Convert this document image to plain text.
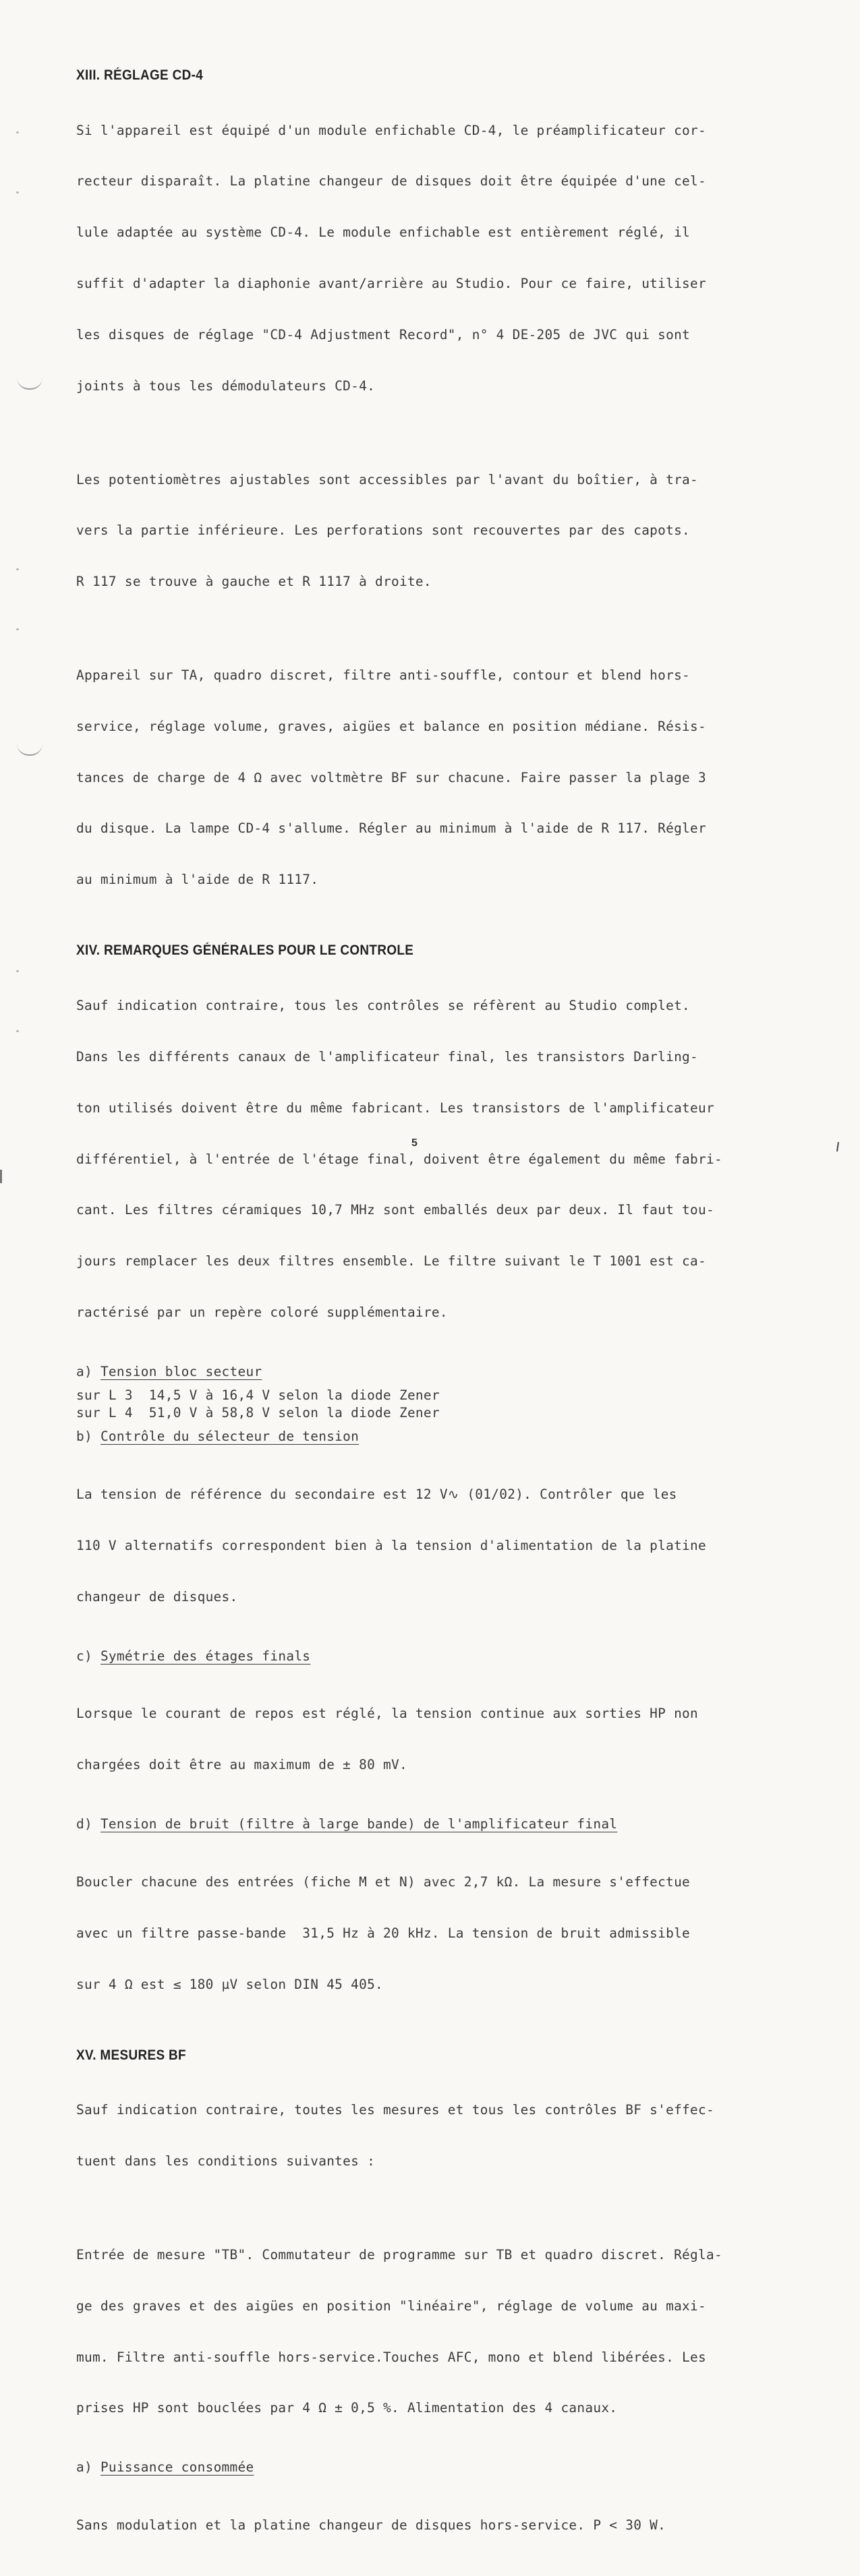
XIII. RÉGLAGE CD-4

Si l'appareil est équipé d'un module enfichable CD-4, le préamplificateur cor-

recteur disparaît. La platine changeur de disques doit être équipée d'une cel-

lule adaptée au système CD-4. Le module enfichable est entièrement réglé, il

suffit d'adapter la diaphonie avant/arrière au Studio. Pour ce faire, utiliser

les disques de réglage "CD-4 Adjustment Record", n° 4 DE-205 de JVC qui sont

joints à tous les démodulateurs CD-4.

Les potentiomètres ajustables sont accessibles par l'avant du boîtier, à tra-

vers la partie inférieure. Les perforations sont recouvertes par des capots.

R 117 se trouve à gauche et R 1117 à droite.

Appareil sur TA, quadro discret, filtre anti-souffle, contour et blend hors-

service, réglage volume, graves, aigües et balance en position médiane. Résis-

tances de charge de 4 Ω avec voltmètre BF sur chacune. Faire passer la plage 3

du disque. La lampe CD-4 s'allume. Régler au minimum à l'aide de R 117. Régler

au minimum à l'aide de R 1117.

XIV. REMARQUES GÉNÉRALES POUR LE CONTROLE

Sauf indication contraire, tous les contrôles se réfèrent au Studio complet.

Dans les différents canaux de l'amplificateur final, les transistors Darling-

ton utilisés doivent être du même fabricant. Les transistors de l'amplificateur

différentiel, à l'entrée de l'étage final, doivent être également du même fabri-

cant. Les filtres céramiques 10,7 MHz sont emballés deux par deux. Il faut tou-

jours remplacer les deux filtres ensemble. Le filtre suivant le T 1001 est ca-

ractérisé par un repère coloré supplémentaire.

a) Tension bloc secteur
sur L 3  14,5 V à 16,4 V selon la diode Zener
sur L 4  51,0 V à 58,8 V selon la diode Zener
b) Contrôle du sélecteur de tension

La tension de référence du secondaire est 12 V∿ (01/02). Contrôler que les

110 V alternatifs correspondent bien à la tension d'alimentation de la platine

changeur de disques.

c) Symétrie des étages finals

Lorsque le courant de repos est réglé, la tension continue aux sorties HP non

chargées doit être au maximum de ± 80 mV.

d) Tension de bruit (filtre à large bande) de l'amplificateur final

Boucler chacune des entrées (fiche M et N) avec 2,7 kΩ. La mesure s'effectue

avec un filtre passe-bande  31,5 Hz à 20 kHz. La tension de bruit admissible

sur 4 Ω est ≤ 180 µV selon DIN 45 405.

XV. MESURES BF

Sauf indication contraire, toutes les mesures et tous les contrôles BF s'effec-

tuent dans les conditions suivantes :

Entrée de mesure "TB". Commutateur de programme sur TB et quadro discret. Régla-

ge des graves et des aigües en position "linéaire", réglage de volume au maxi-

mum. Filtre anti-souffle hors-service.Touches AFC, mono et blend libérées. Les

prises HP sont bouclées par 4 Ω ± 0,5 %. Alimentation des 4 canaux.

a) Puissance consommée

Sans modulation et la platine changeur de disques hors-service. P < 30 W.

5
